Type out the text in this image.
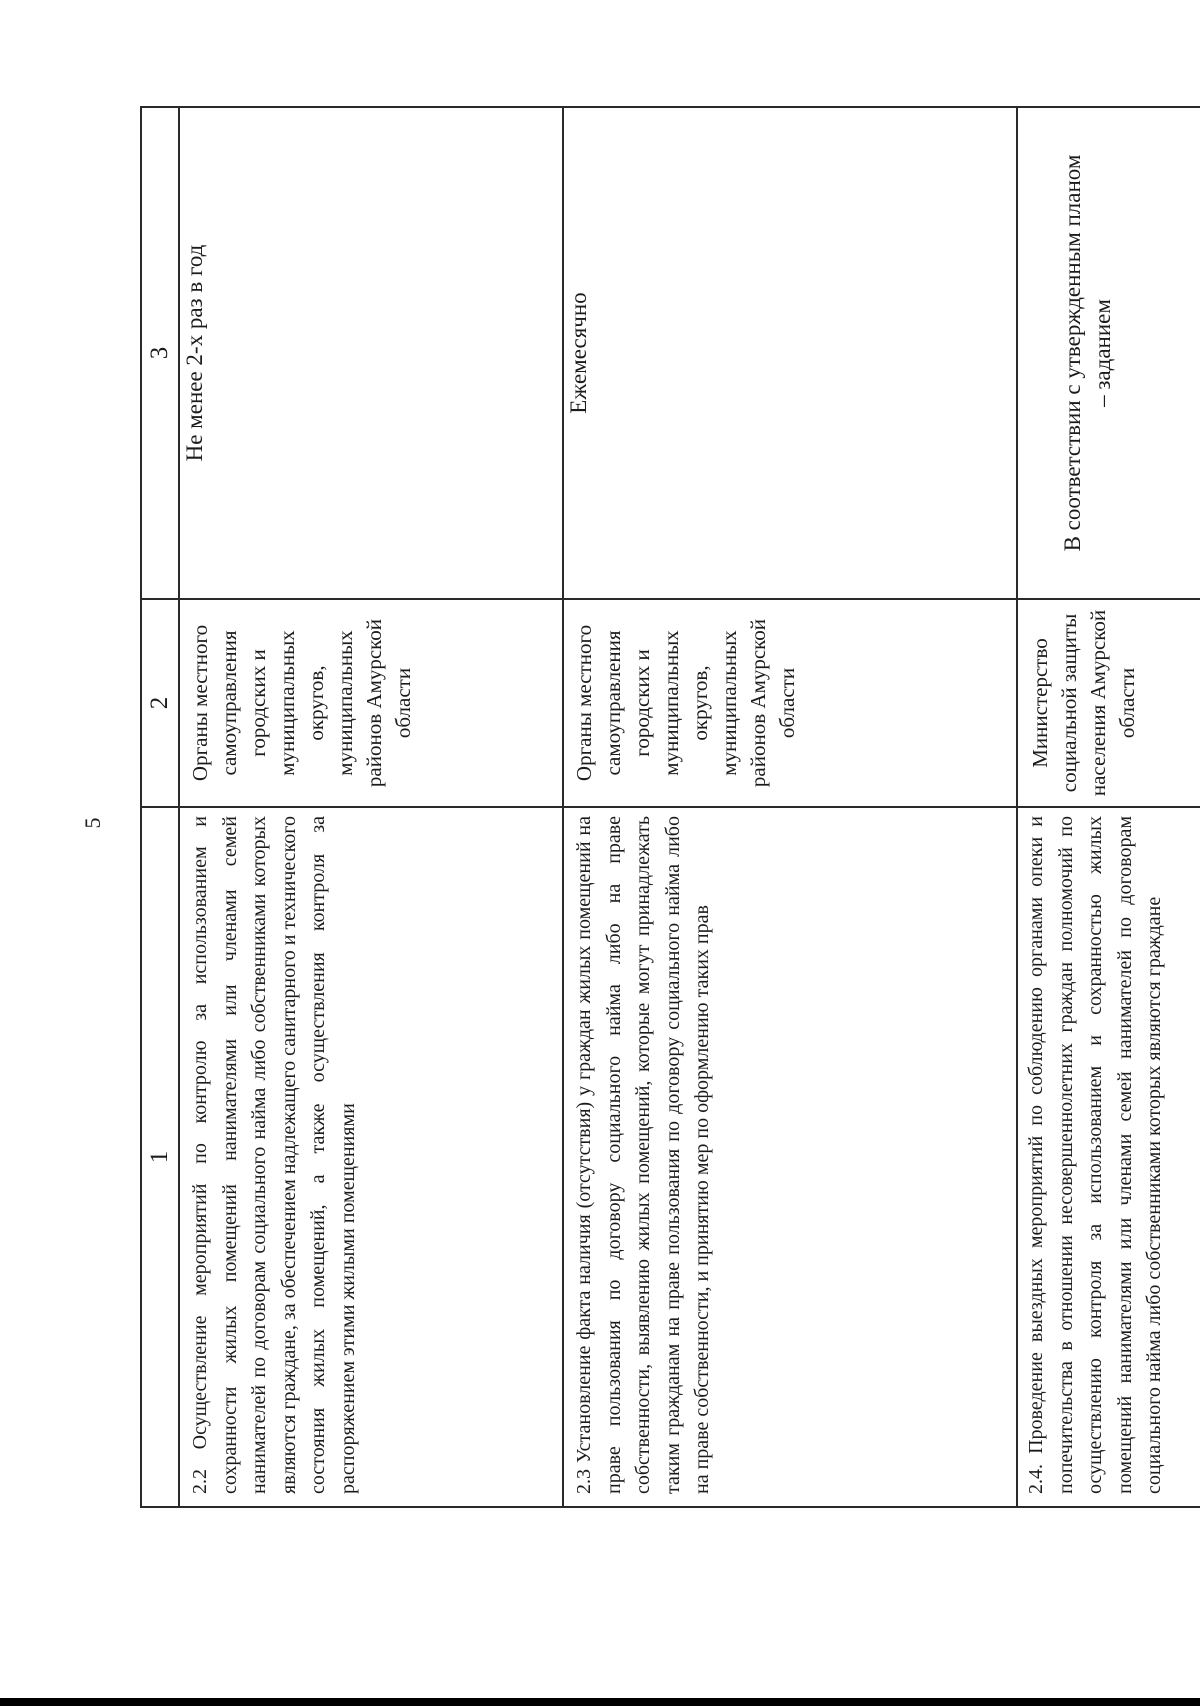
5
1	2	3
2.2 Осуществление мероприятий по контролю за использованием и сохранности жилых помещений нанимателями или членами семей нанимателей по договорам социального найма либо собственниками которых являются граждане, за обеспечением надлежащего санитарного и технического состояния жилых помещений, а также осуществления контроля за распоряжением этими жилыми помещениями	Органы местного самоуправления городских и муниципальных округов, муниципальных районов Амурской области	Не менее 2-х раз в год
2.3 Установление факта наличия (отсутствия) у граждан жилых помещений на праве пользования по договору социального найма либо на праве собственности, выявлению жилых помещений, которые могут принадлежать таким гражданам на праве пользования по договору социального найма либо на праве собственности, и принятию мер по оформлению таких прав	Органы местного самоуправления городских и муниципальных округов, муниципальных районов Амурской области	Ежемесячно
2.4. Проведение выездных мероприятий по соблюдению органами опеки и попечительства в отношении несовершеннолетних граждан полномочий по осуществлению контроля за использованием и сохранностью жилых помещений нанимателями или членами семей нанимателей по договорам социального найма либо собственниками которых являются граждане	Министерство социальной защиты населения Амурской области	В соответствии с утвержденным планом – заданием
